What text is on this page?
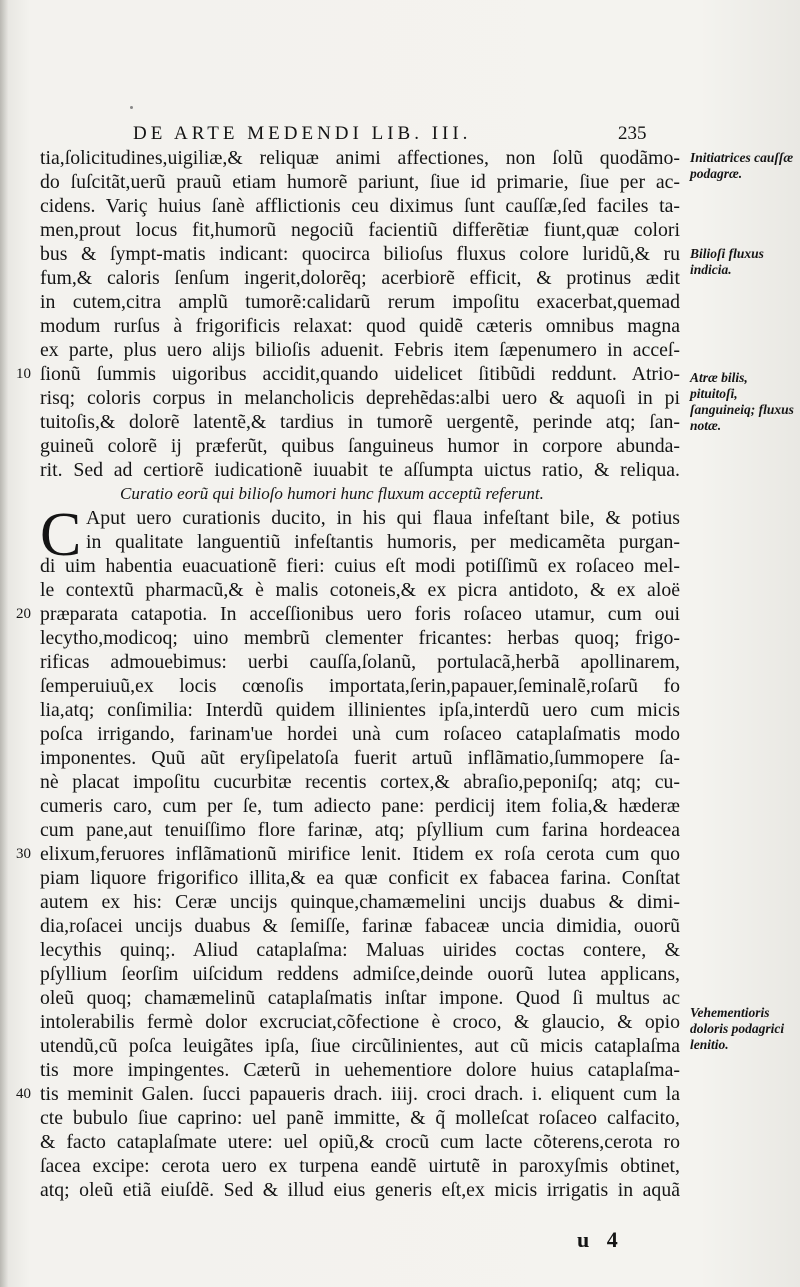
DE ARTE MEDENDI LIB. III.	235
tia,ſolicitudines,uigiliæ,& reliquæ animi affectiones, non ſolũ quodãmo-
do ſuſcitãt,uerũ prauũ etiam humorẽ pariunt, ſiue id primarie, ſiue per ac-
cidens. Variç huius ſanè afflictionis ceu diximus ſunt cauſſæ,ſed faciles ta-
men,prout locus fit,humorũ negociũ facientiũ differẽtiæ fiunt,quæ colori
bus & ſympt-matis indicant: quocirca bilioſus fluxus colore luridũ,& ru
fum,& caloris ſenſum ingerit,dolorẽq; acerbiorẽ efficit, & protinus ædit
in cutem,citra amplũ tumorẽ:calidarũ rerum impoſitu exacerbat,quemad
modum rurſus à frigorificis relaxat: quod quidẽ cæteris omnibus magna
ex parte, plus uero alijs bilioſis aduenit. Febris item ſæpenumero in acceſ-
10 ſionũ ſummis uigoribus accidit,quando uidelicet ſitibũdi reddunt. Atrio-
risq; coloris corpus in melancholicis deprehẽdas:albi uero & aquoſi in pi
tuitoſis,& dolorẽ latentẽ,& tardius in tumorẽ uergentẽ, perinde atq; ſan-
guineũ colorẽ ij præferũt, quibus ſanguineus humor in corpore abunda-
rit. Sed ad certiorẽ iudicationẽ iuuabit te aſſumpta uictus ratio, & reliqua.
Curatio eorũ qui bilioſo humori hunc fluxum acceptũ referunt.
C Aput uero curationis ducito, in his qui flaua infeſtant bile, & potius
in qualitate languentiũ infeſtantis humoris, per medicamẽta purgan-
di uim habentia euacuationẽ fieri: cuius eſt modi potiſſimũ ex roſaceo mel-
le contextũ pharmacũ,& è malis cotoneis,& ex picra antidoto, & ex aloë
20 præparata catapotia. In acceſſionibus uero foris roſaceo utamur, cum oui
lecytho,modicoq; uino membrũ clementer fricantes: herbas quoq; frigo-
rificas admouebimus: uerbi cauſſa,ſolanũ, portulacã,herbã apollinarem,
ſemperuiuũ,ex locis cœnoſis importata,ſerin,papauer,ſeminalẽ,roſarũ fo
lia,atq; conſimilia: Interdũ quidem illinientes ipſa,interdũ uero cum micis
poſca irrigando, farinam'ue hordei unà cum roſaceo cataplaſmatis modo
imponentes. Quũ aũt eryſipelatoſa fuerit artuũ inflãmatio,ſummopere ſa-
nè placat impoſitu cucurbitæ recentis cortex,& abraſio,peponiſq; atq; cu-
cumeris caro, cum per ſe, tum adiecto pane: perdicij item folia,& hæderæ
cum pane,aut tenuiſſimo flore farinæ, atq; pſyllium cum farina hordeacea
30 elixum,feruores inflãmationũ mirifice lenit. Itidem ex roſa cerota cum quo
piam liquore frigorifico illita,& ea quæ conficit ex fabacea farina. Conſtat
autem ex his: Ceræ uncijs quinque,chamæmelini uncijs duabus & dimi-
dia,roſacei uncijs duabus & ſemiſſe, farinæ fabaceæ uncia dimidia, ouorũ
lecythis quinq;. Aliud cataplaſma: Maluas uirides coctas contere, &
pſyllium ſeorſim uiſcidum reddens admiſce,deinde ouorũ lutea applicans,
oleũ quoq; chamæmelinũ cataplaſmatis inſtar impone. Quod ſi multus ac
intolerabilis fermè dolor excruciat,cõfectione è croco, & glaucio, & opio
utendũ,cũ poſca leuigãtes ipſa, ſiue circũlinientes, aut cũ micis cataplaſma
tis more impingentes. Cæterũ in uehementiore dolore huius cataplaſma-
40 tis meminit Galen. ſucci papaueris drach. iiij. croci drach. i. eliquent cum la
cte bubulo ſiue caprino: uel panẽ immitte, & q̃ molleſcat roſaceo calfacito,
& facto cataplaſmate utere: uel opiũ,& crocũ cum lacte cõterens,cerota ro
ſacea excipe: cerota uero ex turpena eandẽ uirtutẽ in paroxyſmis obtinet,
atq; oleũ etiã eiuſdẽ. Sed & illud eius generis eſt,ex micis irrigatis in aquã
Initiatrices cauſſæ podagræ.
Bilioſi fluxus indicia.
Atræ bilis, pituitoſi, ſanguineiq; fluxus notæ.
Vehementioris doloris podagrici lenitio.
u 4
